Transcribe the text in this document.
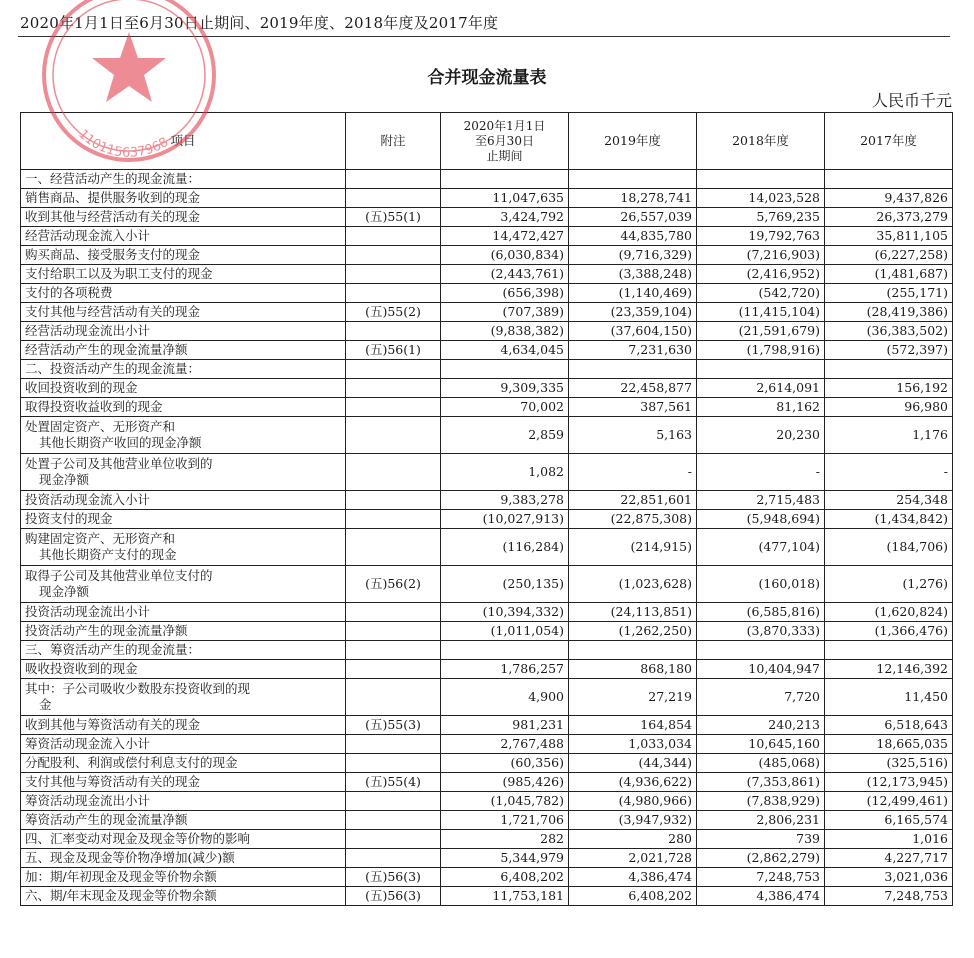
2020年1月1日至6月30日止期间、2019年度、2018年度及2017年度
合并现金流量表
人民币千元
项目	附注	2020年1月1日
至6月30日
止期间	2019年度	2018年度	2017年度

一、经营活动产生的现金流量：					

销售商品、提供服务收到的现金		11,047,635	18,278,741	14,023,528	9,437,826

收到其他与经营活动有关的现金	(五)55(1)	3,424,792	26,557,039	5,769,235	26,373,279

经营活动现金流入小计		14,472,427	44,835,780	19,792,763	35,811,105

购买商品、接受服务支付的现金		(6,030,834)	(9,716,329)	(7,216,903)	(6,227,258)

支付给职工以及为职工支付的现金		(2,443,761)	(3,388,248)	(2,416,952)	(1,481,687)

支付的各项税费		(656,398)	(1,140,469)	(542,720)	(255,171)

支付其他与经营活动有关的现金	(五)55(2)	(707,389)	(23,359,104)	(11,415,104)	(28,419,386)

经营活动现金流出小计		(9,838,382)	(37,604,150)	(21,591,679)	(36,383,502)

经营活动产生的现金流量净额	(五)56(1)	4,634,045	7,231,630	(1,798,916)	(572,397)

二、投资活动产生的现金流量：					

收回投资收到的现金		9,309,335	22,458,877	2,614,091	156,192

取得投资收益收到的现金		70,002	387,561	81,162	96,980

处置固定资产、无形资产和
其他长期资产收回的现金净额		2,859	5,163	20,230	1,176

处置子公司及其他营业单位收到的
现金净额		1,082	-	-	-

投资活动现金流入小计		9,383,278	22,851,601	2,715,483	254,348

投资支付的现金		(10,027,913)	(22,875,308)	(5,948,694)	(1,434,842)

购建固定资产、无形资产和
其他长期资产支付的现金		(116,284)	(214,915)	(477,104)	(184,706)

取得子公司及其他营业单位支付的
现金净额	(五)56(2)	(250,135)	(1,023,628)	(160,018)	(1,276)

投资活动现金流出小计		(10,394,332)	(24,113,851)	(6,585,816)	(1,620,824)

投资活动产生的现金流量净额		(1,011,054)	(1,262,250)	(3,870,333)	(1,366,476)

三、筹资活动产生的现金流量：					

吸收投资收到的现金		1,786,257	868,180	10,404,947	12,146,392

其中：子公司吸收少数股东投资收到的现
金		4,900	27,219	7,720	11,450

收到其他与筹资活动有关的现金	(五)55(3)	981,231	164,854	240,213	6,518,643

筹资活动现金流入小计		2,767,488	1,033,034	10,645,160	18,665,035

分配股利、利润或偿付利息支付的现金		(60,356)	(44,344)	(485,068)	(325,516)

支付其他与筹资活动有关的现金	(五)55(4)	(985,426)	(4,936,622)	(7,353,861)	(12,173,945)

筹资活动现金流出小计		(1,045,782)	(4,980,966)	(7,838,929)	(12,499,461)

筹资活动产生的现金流量净额		1,721,706	(3,947,932)	2,806,231	6,165,574

四、汇率变动对现金及现金等价物的影响		282	280	739	1,016

五、现金及现金等价物净增加(减少)额		5,344,979	2,021,728	(2,862,279)	4,227,717

加：期/年初现金及现金等价物余额	(五)56(3)	6,408,202	4,386,474	7,248,753	3,021,036

六、期/年末现金及现金等价物余额	(五)56(3)	11,753,181	6,408,202	4,386,474	7,248,753
110115637968
